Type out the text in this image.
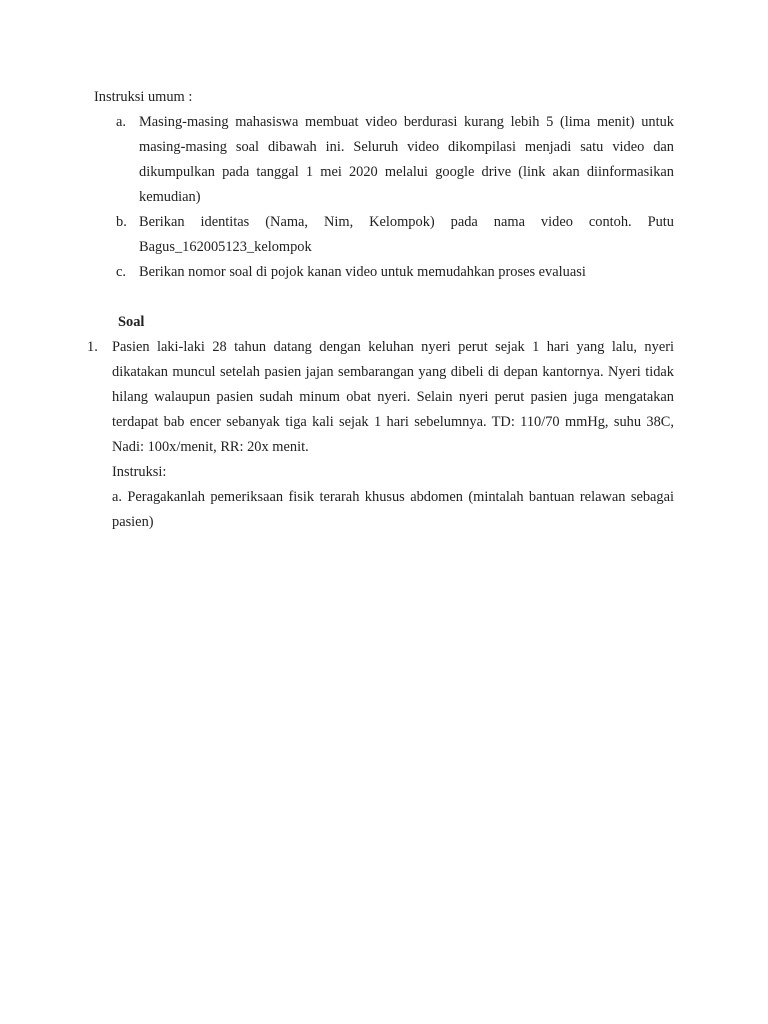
Instruksi umum :
a. Masing-masing mahasiswa membuat video berdurasi kurang lebih 5 (lima menit) untuk masing-masing soal dibawah ini. Seluruh video dikompilasi menjadi satu video dan dikumpulkan pada tanggal 1 mei 2020 melalui google drive (link akan diinformasikan kemudian)
b. Berikan identitas (Nama, Nim, Kelompok) pada nama video contoh. Putu Bagus_162005123_kelompok
c. Berikan nomor soal di pojok kanan video untuk memudahkan proses evaluasi
Soal
1. Pasien laki-laki 28 tahun datang dengan keluhan nyeri perut sejak 1 hari yang lalu, nyeri dikatakan muncul setelah pasien jajan sembarangan yang dibeli di depan kantornya. Nyeri tidak hilang walaupun pasien sudah minum obat nyeri. Selain nyeri perut pasien juga mengatakan terdapat bab encer sebanyak tiga kali sejak 1 hari sebelumnya. TD: 110/70 mmHg, suhu 38C, Nadi: 100x/menit, RR: 20x menit.
Instruksi:
a. Peragakanlah pemeriksaan fisik terarah khusus abdomen (mintalah bantuan relawan sebagai pasien)
